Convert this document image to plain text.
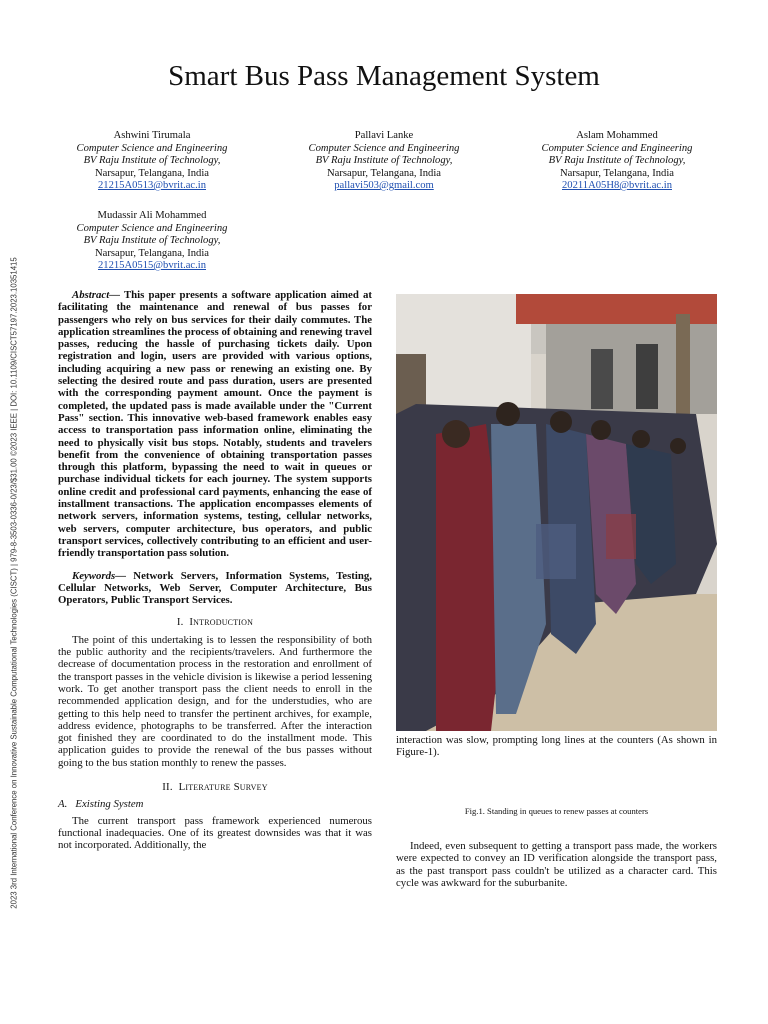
2023 3rd International Conference on Innovative Sustainable Computational Technologies (CISCT) | 979-8-3503-0336-0/23/$31.00 ©2023 IEEE | DOI: 10.1109/CISCT57197.2023.10351415
Smart Bus Pass Management System
Ashwini Tirumala
Computer Science and Engineering
BV Raju Institute of Technology,
Narsapur, Telangana, India
21215A0513@bvrit.ac.in
Pallavi Lanke
Computer Science and Engineering
BV Raju Institute of Technology,
Narsapur, Telangana, India
pallavi503@gmail.com
Aslam Mohammed
Computer Science and Engineering
BV Raju Institute of Technology,
Narsapur, Telangana, India
20211A05H8@bvrit.ac.in
Mudassir Ali Mohammed
Computer Science and Engineering
BV Raju Institute of Technology,
Narsapur, Telangana, India
21215A0515@bvrit.ac.in

Abstract— This paper presents a software application aimed at facilitating the maintenance and renewal of bus passes for passengers who rely on bus services for their daily commutes. The application streamlines the process of obtaining and renewing travel passes, reducing the hassle of purchasing tickets daily. Upon registration and login, users are provided with various options, including acquiring a new pass or renewing an existing one. By selecting the desired route and pass duration, users are presented with the corresponding payment amount. Once the payment is completed, the updated pass is made available under the "Current Pass" section. This innovative web-based framework enables easy access to transportation pass information online, eliminating the need to physically visit bus stops. Notably, students and travelers benefit from the convenience of obtaining transportation passes through this platform, bypassing the need to wait in queues or purchase individual tickets for each journey. The system supports online credit and professional card payments, enhancing the ease of installment transactions. The application encompasses elements of network servers, information systems, testing, cellular networks, web servers, computer architecture, bus operators, and public transport services, collectively contributing to an efficient and user-friendly transportation pass solution.

Keywords— Network Servers, Information Systems, Testing, Cellular Networks, Web Server, Computer Architecture, Bus Operators, Public Transport Services.

I. Introduction

The point of this undertaking is to lessen the responsibility of both the public authority and the recipients/travelers. And furthermore the decrease of documentation process in the restoration and enrollment of the transport passes in the vehicle division is likewise a period lessening work. To get another transport pass the client needs to enroll in the recommended application design, and for the understudies, who are getting to this help need to transfer the pertinent archives, for example, address evidence, photographs to be transferred. After the interaction got finished they are coordinated to do the installment mode. This application guides to provide the renewal of the bus passes without going to the bus station monthly to renew the passes.

II. Literature Survey

A. Existing System

The current transport pass framework experienced numerous functional inadequacies. One of its greatest downsides was that it was not incorporated. Additionally, the

interaction was slow, prompting long lines at the counters (As shown in Figure-1).

Fig.1. Standing in queues to renew passes at counters

Indeed, even subsequent to getting a transport pass made, the workers were expected to convey an ID verification alongside the transport pass, as the past transport pass couldn't be utilized as a character card. This cycle was awkward for the suburbanite.
